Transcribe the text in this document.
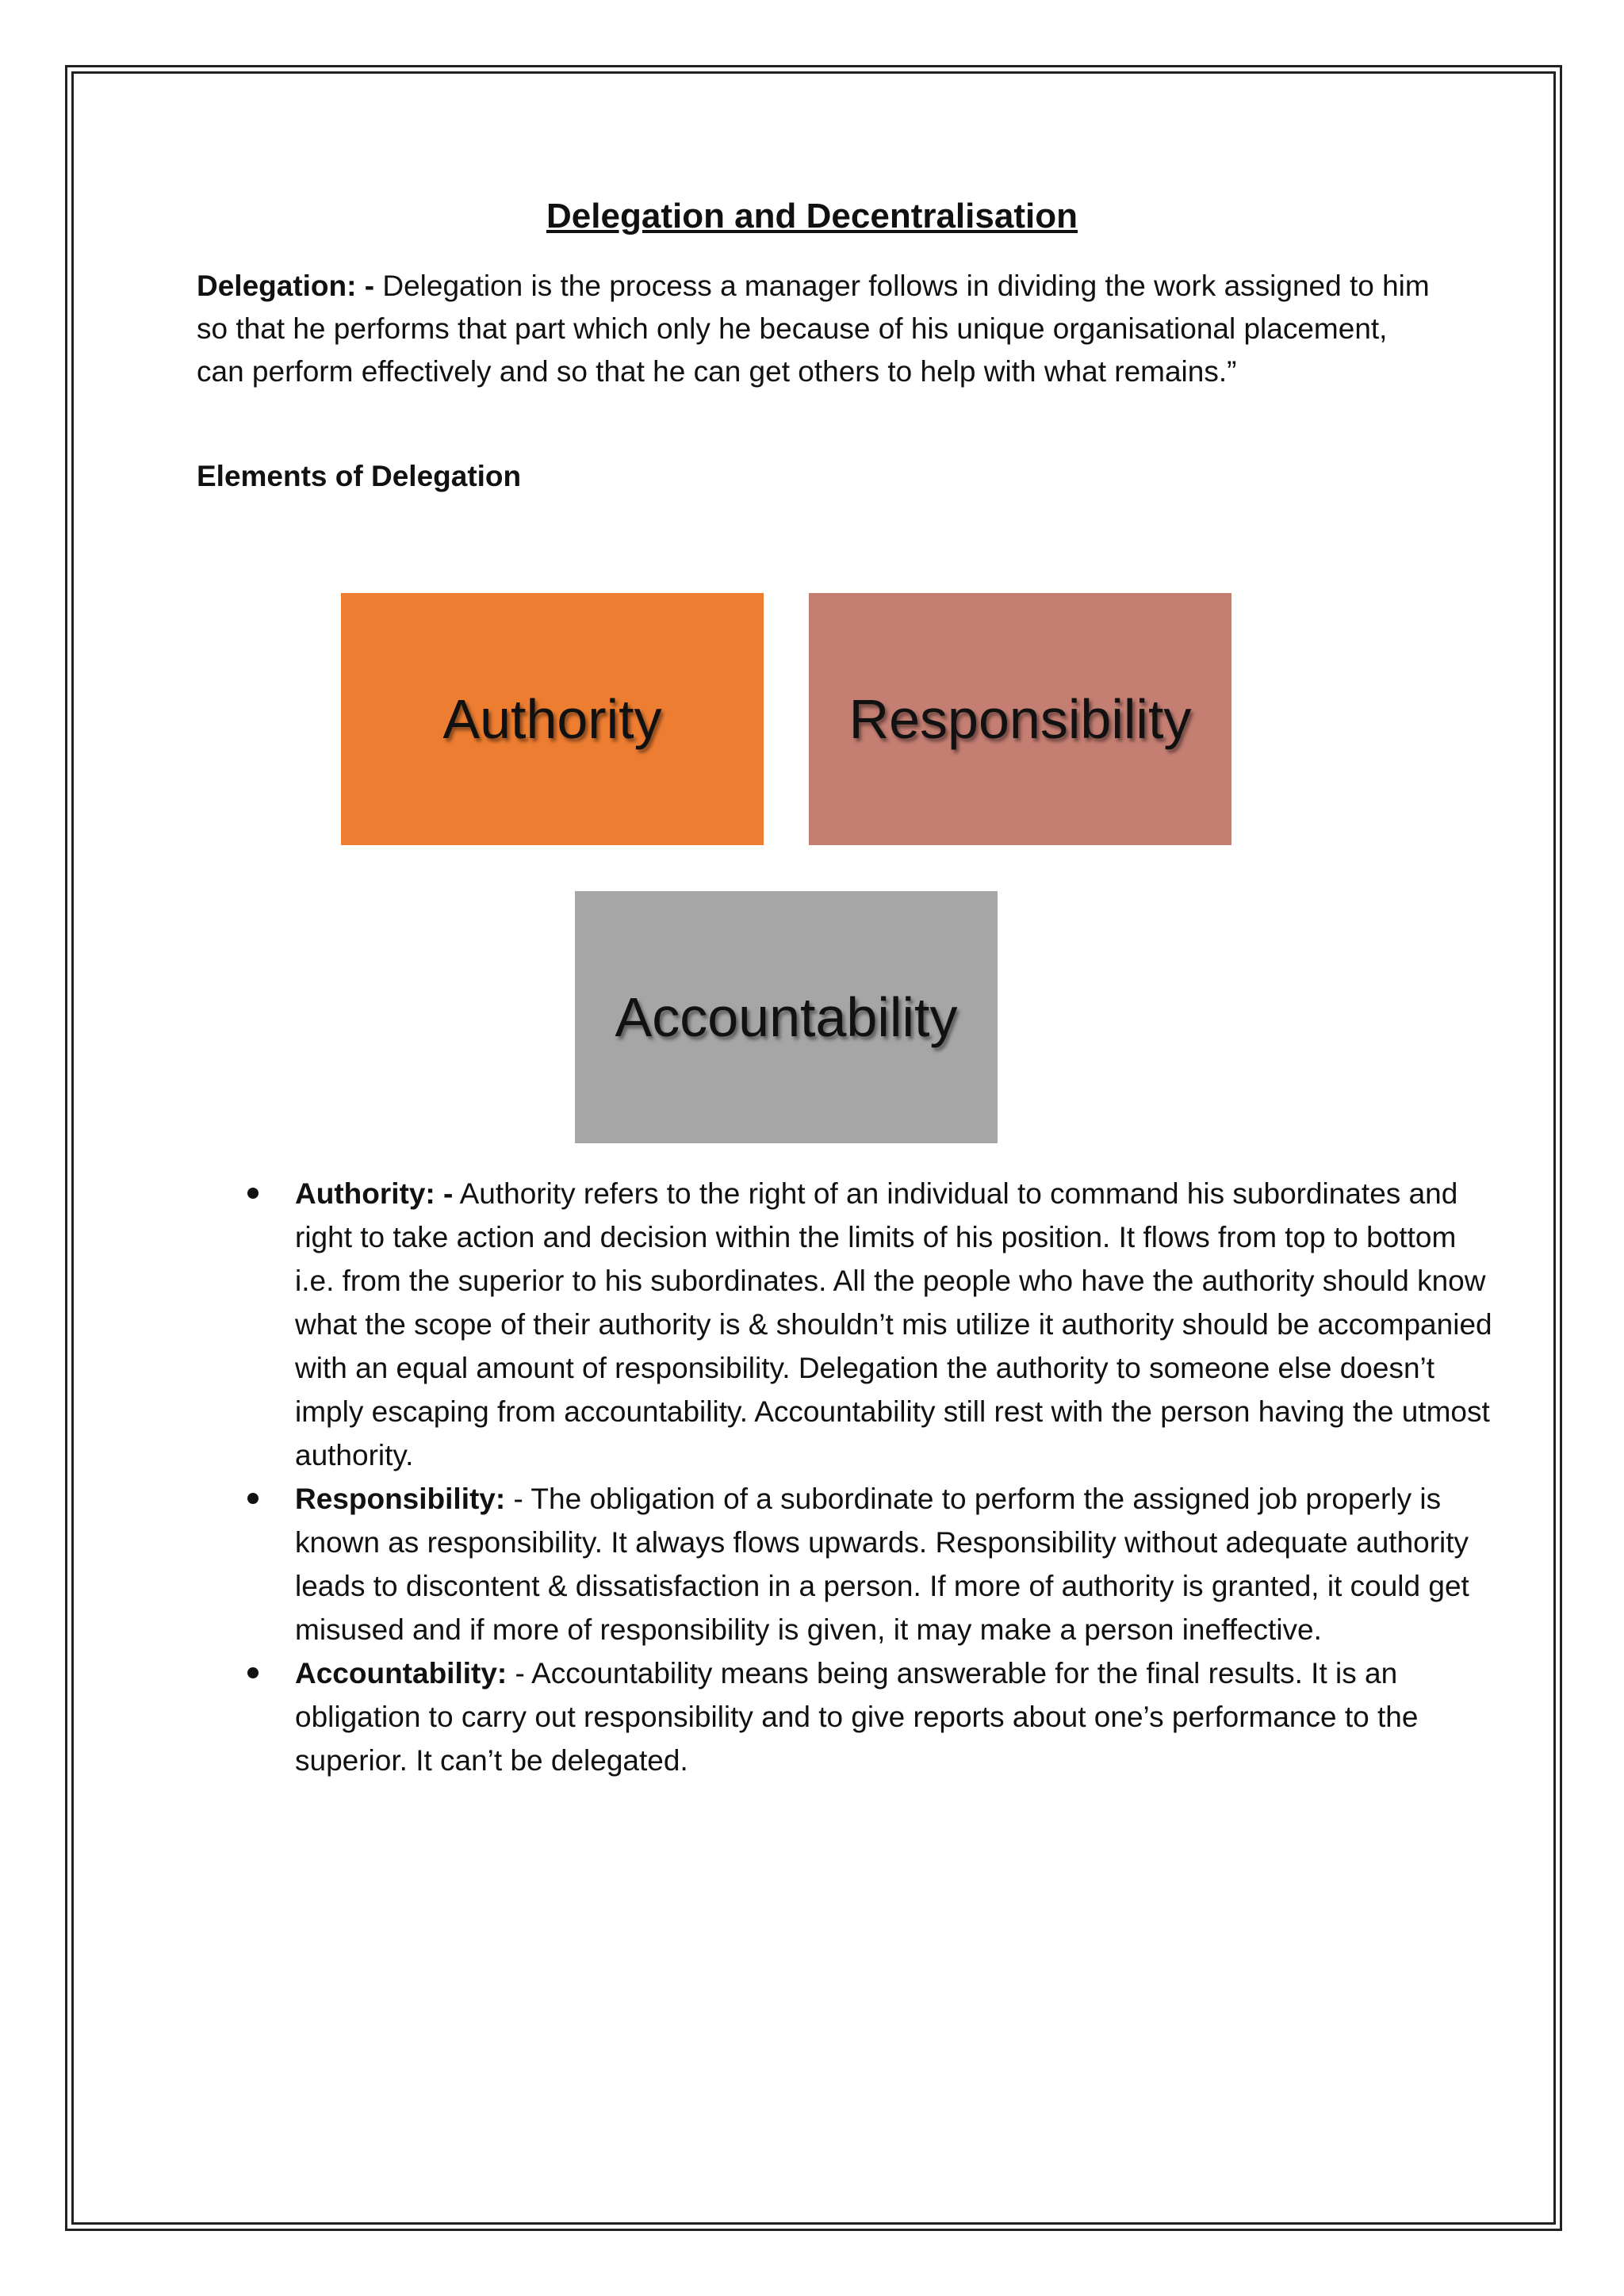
Delegation and Decentralisation

Delegation: - Delegation is the process a manager follows in dividing the work assigned to him so that he performs that part which only he because of his unique organisational placement, can perform effectively and so that he can get others to help with what remains.”

Elements of Delegation
Authority	Responsibility
Accountability
Authority: - Authority refers to the right of an individual to command his subordinates and right to take action and decision within the limits of his position. It flows from top to bottom i.e. from the superior to his subordinates. All the people who have the authority should know what the scope of their authority is & shouldn’t mis utilize it authority should be accompanied with an equal amount of responsibility. Delegation the authority to someone else doesn’t imply escaping from accountability. Accountability still rest with the person having the utmost authority.
Responsibility: - The obligation of a subordinate to perform the assigned job properly is known as responsibility. It always flows upwards. Responsibility without adequate authority leads to discontent & dissatisfaction in a person. If more of authority is granted, it could get misused and if more of responsibility is given, it may make a person ineffective.
Accountability: - Accountability means being answerable for the final results. It is an obligation to carry out responsibility and to give reports about one’s performance to the superior. It can’t be delegated.
